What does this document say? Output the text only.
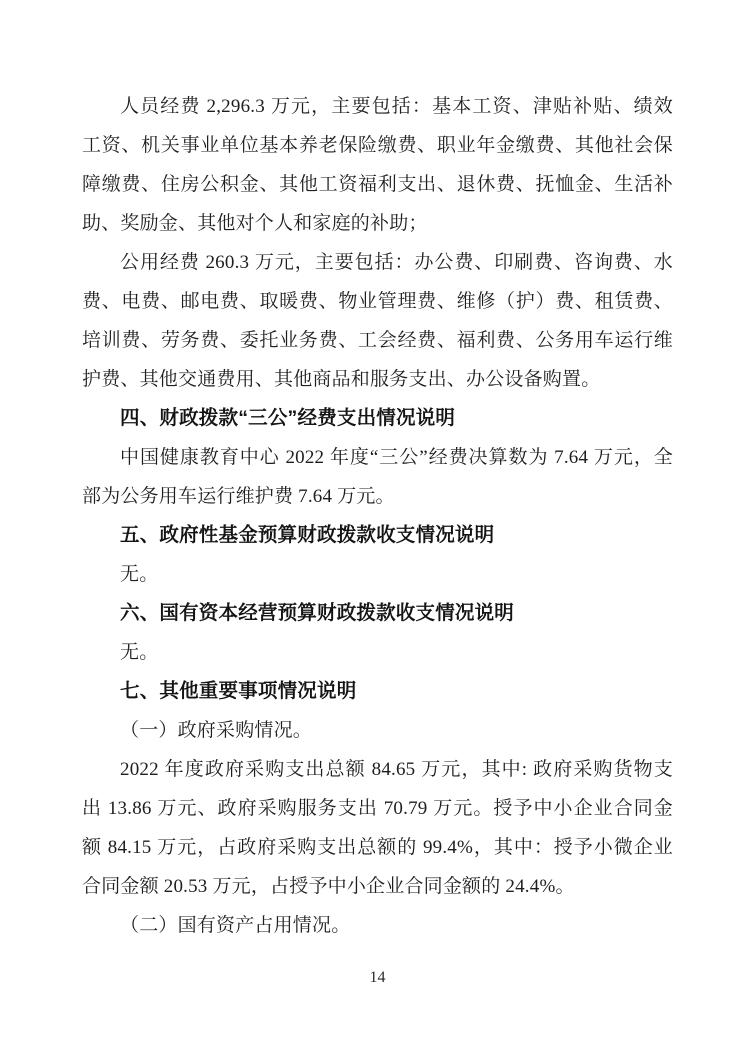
人员经费 2,296.3 万元，主要包括：基本工资、津贴补贴、绩效
工资、机关事业单位基本养老保险缴费、职业年金缴费、其他社会保
障缴费、住房公积金、其他工资福利支出、退休费、抚恤金、生活补
助、奖励金、其他对个人和家庭的补助；
公用经费 260.3 万元，主要包括：办公费、印刷费、咨询费、水
费、电费、邮电费、取暖费、物业管理费、维修（护）费、租赁费、
培训费、劳务费、委托业务费、工会经费、福利费、公务用车运行维
护费、其他交通费用、其他商品和服务支出、办公设备购置。
四、财政拨款“三公”经费支出情况说明
中国健康教育中心 2022 年度“三公”经费决算数为 7.64 万元，全
部为公务用车运行维护费 7.64 万元。
五、政府性基金预算财政拨款收支情况说明
无。
六、国有资本经营预算财政拨款收支情况说明
无。
七、其他重要事项情况说明
（一）政府采购情况。
2022 年度政府采购支出总额 84.65 万元，其中: 政府采购货物支
出 13.86 万元、政府采购服务支出 70.79 万元。授予中小企业合同金
额 84.15 万元，占政府采购支出总额的 99.4%，其中：授予小微企业
合同金额 20.53 万元，占授予中小企业合同金额的 24.4%。
（二）国有资产占用情况。
14
